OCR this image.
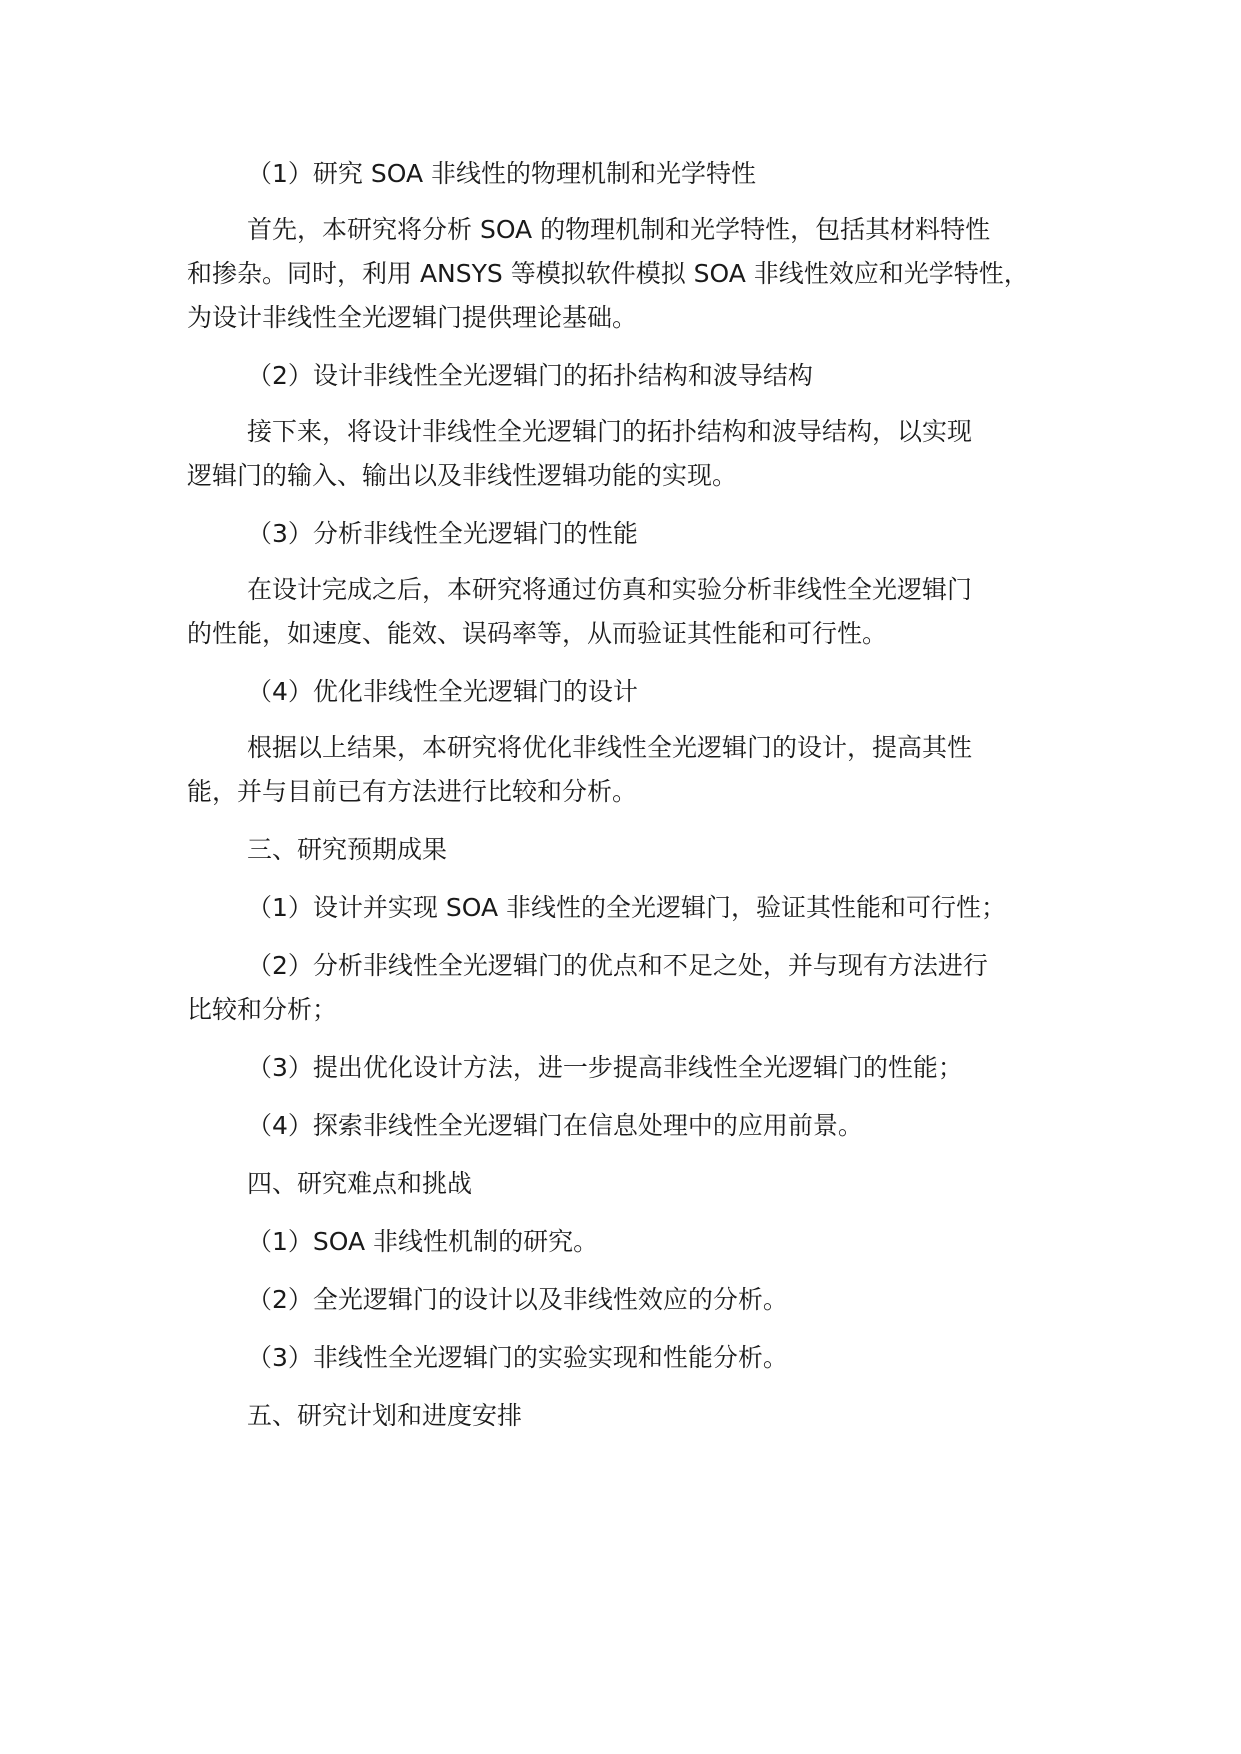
（1）研究 SOA 非线性的物理机制和光学特性
首先，本研究将分析 SOA 的物理机制和光学特性，包括其材料特性
和掺杂。同时，利用 ANSYS 等模拟软件模拟 SOA 非线性效应和光学特性，
为设计非线性全光逻辑门提供理论基础。
（2）设计非线性全光逻辑门的拓扑结构和波导结构
接下来，将设计非线性全光逻辑门的拓扑结构和波导结构，以实现
逻辑门的输入、输出以及非线性逻辑功能的实现。
（3）分析非线性全光逻辑门的性能
在设计完成之后，本研究将通过仿真和实验分析非线性全光逻辑门
的性能，如速度、能效、误码率等，从而验证其性能和可行性。
（4）优化非线性全光逻辑门的设计
根据以上结果，本研究将优化非线性全光逻辑门的设计，提高其性
能，并与目前已有方法进行比较和分析。
三、研究预期成果
（1）设计并实现 SOA 非线性的全光逻辑门，验证其性能和可行性；
（2）分析非线性全光逻辑门的优点和不足之处，并与现有方法进行
比较和分析；
（3）提出优化设计方法，进一步提高非线性全光逻辑门的性能；
（4）探索非线性全光逻辑门在信息处理中的应用前景。
四、研究难点和挑战
（1）SOA 非线性机制的研究。
（2）全光逻辑门的设计以及非线性效应的分析。
（3）非线性全光逻辑门的实验实现和性能分析。
五、研究计划和进度安排
